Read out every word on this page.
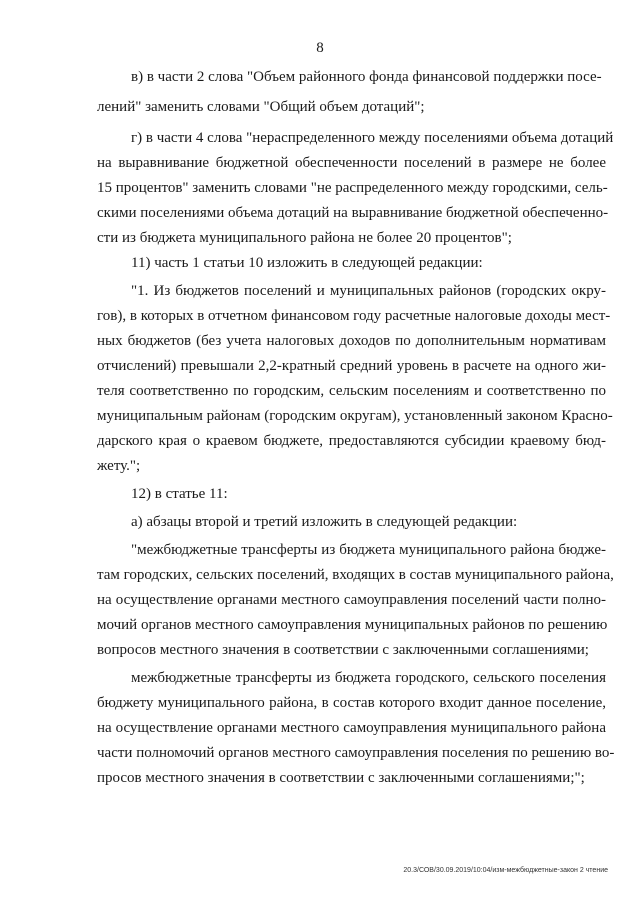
8
в) в части 2 слова "Объем районного фонда финансовой поддержки посе-
лений" заменить словами "Общий объем дотаций";
г) в части 4 слова "нераспределенного между поселениями объема дотаций
на выравнивание бюджетной обеспеченности поселений в размере не более
15 процентов" заменить словами "не распределенного между городскими, сель-
скими поселениями объема дотаций на выравнивание бюджетной обеспеченно-
сти из бюджета муниципального района не более 20 процентов";
11) часть 1 статьи 10 изложить в следующей редакции:
"1. Из бюджетов поселений и муниципальных районов (городских окру-
гов), в которых в отчетном финансовом году расчетные налоговые доходы мест-
ных бюджетов (без учета налоговых доходов по дополнительным нормативам
отчислений) превышали 2,2-кратный средний уровень в расчете на одного жи-
теля соответственно по городским, сельским поселениям и соответственно по
муниципальным районам (городским округам), установленный законом Красно-
дарского края о краевом бюджете, предоставляются субсидии краевому бюд-
жету.";
12) в статье 11:
а) абзацы второй и третий изложить в следующей редакции:
"межбюджетные трансферты из бюджета муниципального района бюдже-
там городских, сельских поселений, входящих в состав муниципального района,
на осуществление органами местного самоуправления поселений части полно-
мочий органов местного самоуправления муниципальных районов по решению
вопросов местного значения в соответствии с заключенными соглашениями;
межбюджетные трансферты из бюджета городского, сельского поселения
бюджету муниципального района, в состав которого входит данное поселение,
на осуществление органами местного самоуправления муниципального района
части полномочий органов местного самоуправления поселения по решению во-
просов местного значения в соответствии с заключенными соглашениями;";
20.3/СОВ/30.09.2019/10:04/изм-межбюджетные-закон 2 чтение
